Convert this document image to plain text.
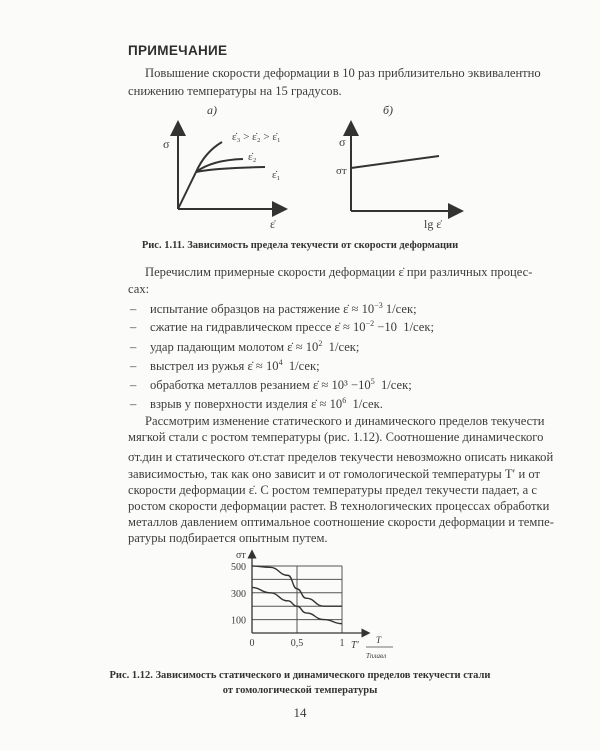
ПРИМЕЧАНИЕ
Повышение скорости деформации в 10 раз приблизительно эквивалентно
снижению температуры на 15 градусов.
а)	б)
σ	ε̇₃ > ε̇₂ > ε̇₁
ε̇₂
ε̇₁
ε̇
σ
σт
lg ε̇
Рис. 1.11. Зависимость предела текучести от скорости деформации
Перечислим примерные скорости деформации ε̇ при различных процес-
сах:
– испытание образцов на растяжение ε̇ ≈ $10^{-3}$ 1/сек;
– сжатие на гидравлическом прессе ε̇ ≈ $10^{-2} -10$  1/сек;
– удар падающим молотом ε̇ ≈ $10^2$  1/сек;
– выстрел из ружья ε̇ ≈ $10^4$  1/сек;
– обработка металлов резанием ε̇ ≈ $10^3 -10^5$  1/сек;
– взрыв у поверхности изделия ε̇ ≈ $10^6$  1/сек.
Рассмотрим изменение статического и динамического пределов текучести
мягкой стали с ростом температуры (рис. 1.12). Соотношение динамического
σт.дин и статического σт.стат пределов текучести невозможно описать никакой
зависимостью, так как оно зависит и от гомологической температуры T′ и от
скорости деформации ε̇. С ростом температуры предел текучести падает, а с
ростом скорости деформации растет. В технологических процессах обработки
металлов давлением оптимальное соотношение скорости деформации и темпе-
ратуры подбирается опытным путем.
100
300
500
0	0,5	1
σт
T′ T
Tплавл
Рис. 1.12. Зависимость статического и динамического пределов текучести стали
от гомологической температуры
14
